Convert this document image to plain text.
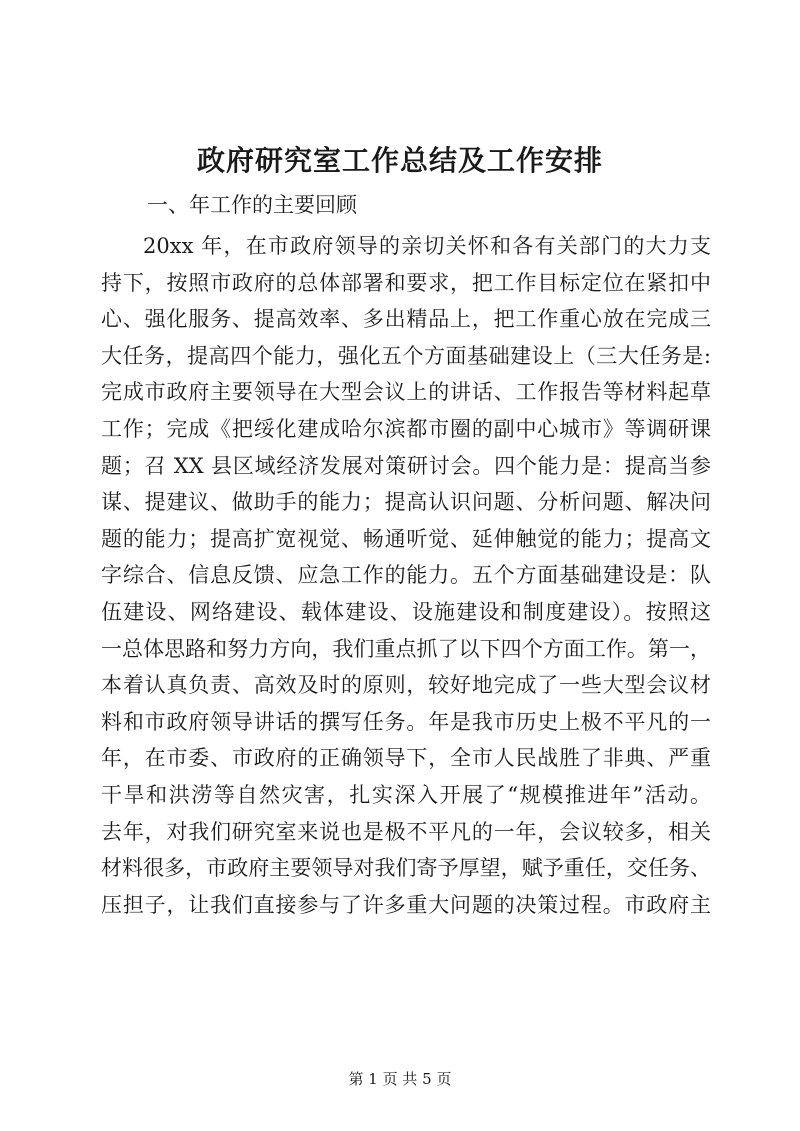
政府研究室工作总结及工作安排

一、年工作的主要回顾

20xx 年，在市政府领导的亲切关怀和各有关部门的大力支
持下，按照市政府的总体部署和要求，把工作目标定位在紧扣中
心、强化服务、提高效率、多出精品上，把工作重心放在完成三
大任务，提高四个能力，强化五个方面基础建设上（三大任务是:
完成市政府主要领导在大型会议上的讲话、工作报告等材料起草
工作；完成《把绥化建成哈尔滨都市圈的副中心城市》等调研课
题；召 XX 县区域经济发展对策研讨会。四个能力是：提高当参
谋、提建议、做助手的能力；提高认识问题、分析问题、解决问
题的能力；提高扩宽视觉、畅通听觉、延伸触觉的能力；提高文
字综合、信息反馈、应急工作的能力。五个方面基础建设是：队
伍建设、网络建设、载体建设、设施建设和制度建设）。按照这
一总体思路和努力方向，我们重点抓了以下四个方面工作。第一，
本着认真负责、高效及时的原则，较好地完成了一些大型会议材
料和市政府领导讲话的撰写任务。年是我市历史上极不平凡的一
年，在市委、市政府的正确领导下，全市人民战胜了非典、严重
干旱和洪涝等自然灾害，扎实深入开展了“规模推进年”活动。
去年，对我们研究室来说也是极不平凡的一年，会议较多，相关
材料很多，市政府主要领导对我们寄予厚望，赋予重任，交任务、
压担子，让我们直接参与了许多重大问题的决策过程。市政府主
第 1 页 共 5 页
